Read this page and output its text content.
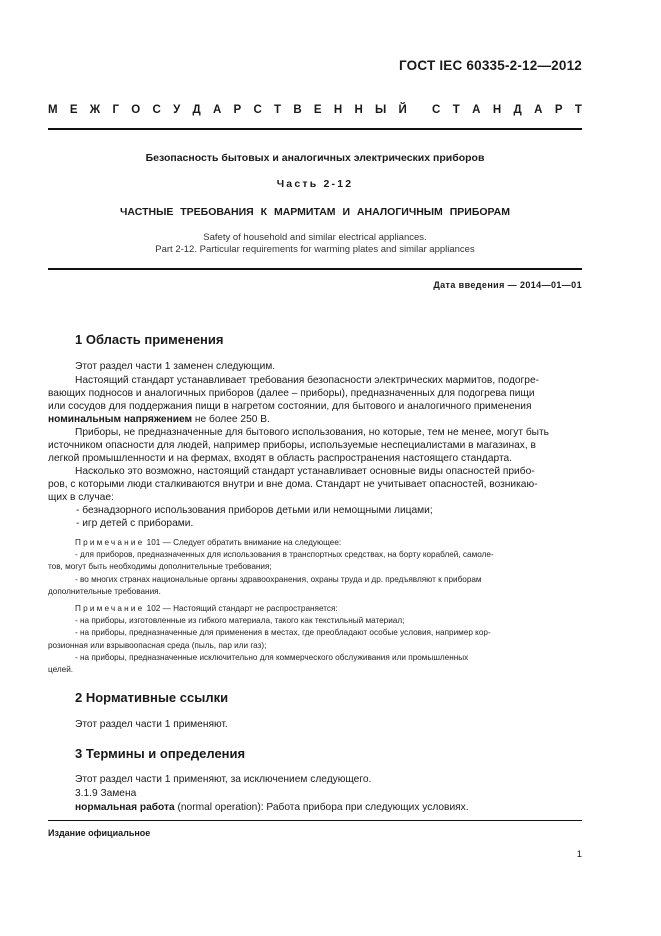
ГОСТ IEC 60335-2-12—2012
М Е Ж Г О С У Д А Р С Т В Е Н Н Ы Й С Т А Н Д А Р Т
Безопасность бытовых и аналогичных электрических приборов
Часть 2-12
ЧАСТНЫЕ ТРЕБОВАНИЯ К МАРМИТАМ И АНАЛОГИЧНЫМ ПРИБОРАМ
Safety of household and similar electrical appliances.
Part 2-12. Particular requirements for warming plates and similar appliances
Дата введения — 2014—01—01
1 Область применения
Этот раздел части 1 заменен следующим.
Настоящий стандарт устанавливает требования безопасности электрических мармитов, подогре-
вающих подносов и аналогичных приборов (далее – приборы), предназначенных для подогрева пищи
или сосудов для поддержания пищи в нагретом состоянии, для бытового и аналогичного применения
номинальным напряжением не более 250 В.
Приборы, не предназначенные для бытового использования, но которые, тем не менее, могут быть
источником опасности для людей, например приборы, используемые неспециалистами в магазинах, в
легкой промышленности и на фермах, входят в область распространения настоящего стандарта.
Насколько это возможно, настоящий стандарт устанавливает основные виды опасностей прибо-
ров, с которыми люди сталкиваются внутри и вне дома. Стандарт не учитывает опасностей, возникаю-
щих в случае:
- безнадзорного использования приборов детьми или немощными лицами;
- игр детей с приборами.
Примечание 101 — Следует обратить внимание на следующее:
- для приборов, предназначенных для использования в транспортных средствах, на борту кораблей, самоле-
тов, могут быть необходимы дополнительные требования;
- во многих странах национальные органы здравоохранения, охраны труда и др. предъявляют к приборам
дополнительные требования.
Примечание 102 — Настоящий стандарт не распространяется:
- на приборы, изготовленные из гибкого материала, такого как текстильный материал;
- на приборы, предназначенные для применения в местах, где преобладают особые условия, например кор-
розионная или взрывоопасная среда (пыль, пар или газ);
- на приборы, предназначенные исключительно для коммерческого обслуживания или промышленных
целей.
2 Нормативные ссылки
Этот раздел части 1 применяют.
3 Термины и определения
Этот раздел части 1 применяют, за исключением следующего.
3.1.9 Замена
нормальная работа (normal operation): Работа прибора при следующих условиях.
Издание официальное
1
